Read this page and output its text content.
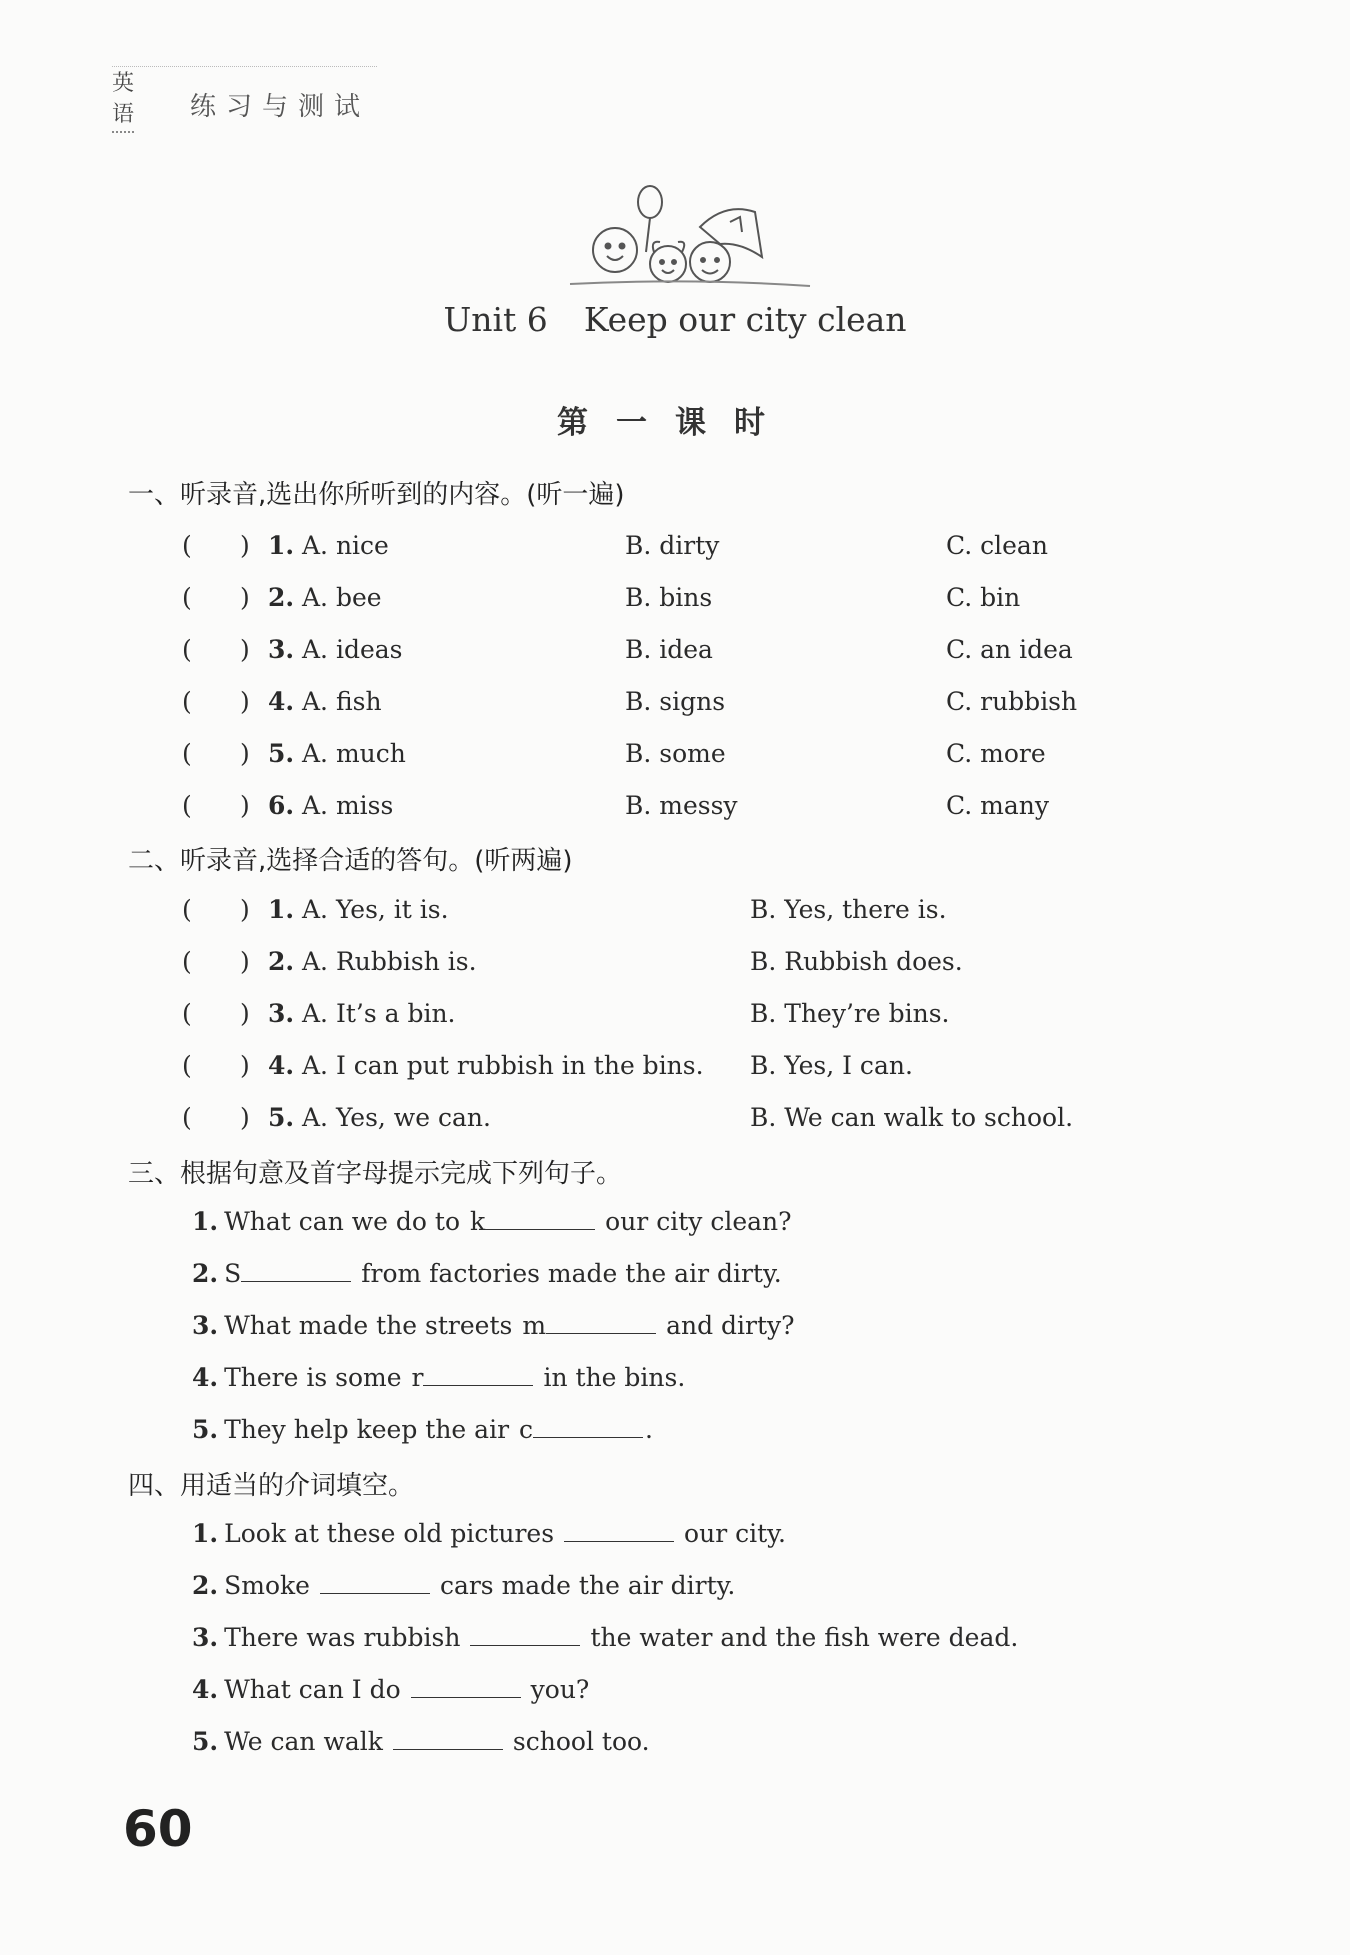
英语 练习与测试
Unit 6 Keep our city clean
第一课时
一、听录音,选出你所听到的内容。(听一遍)
( ) 1. A. nice	B. dirty	C. clean
( ) 2. A. bee	B. bins	C. bin
( ) 3. A. ideas	B. idea	C. an idea
( ) 4. A. fish	B. signs	C. rubbish
( ) 5. A. much	B. some	C. more
( ) 6. A. miss	B. messy	C. many
二、听录音,选择合适的答句。(听两遍)
( ) 1. A. Yes, it is.	B. Yes, there is.
( ) 2. A. Rubbish is.	B. Rubbish does.
( ) 3. A. It’s a bin.	B. They’re bins.
( ) 4. A. I can put rubbish in the bins. B. Yes, I can.
( ) 5. A. Yes, we can.	B. We can walk to school.
三、根据句意及首字母提示完成下列句子。
1. What can we do to k	our city clean?
2. S	from factories made the air dirty.
3. What made the streets m	and dirty?
4. There is some r	in the bins.
5. They help keep the air c	.
四、用适当的介词填空。
1. Look at these old pictures	our city.
2. Smoke	cars made the air dirty.
3. There was rubbish	the water and the fish were dead.
4. What can I do	you?
5. We can walk	school too.
60
